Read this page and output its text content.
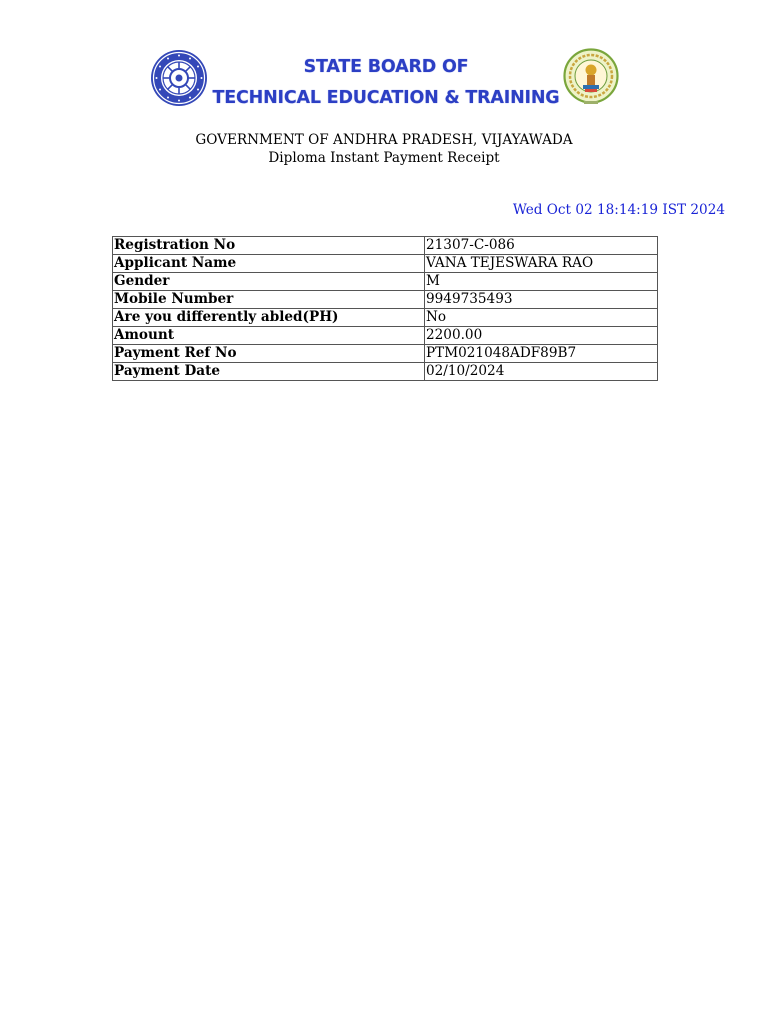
STATE BOARD OF
TECHNICAL EDUCATION & TRAINING
GOVERNMENT OF ANDHRA PRADESH, VIJAYAWADA
Diploma Instant Payment Receipt
Wed Oct 02 18:14:19 IST 2024
Registration No	21307-C-086
Applicant Name	VANA TEJESWARA RAO
Gender	M
Mobile Number	9949735493
Are you differently abled(PH)	No
Amount	2200.00
Payment Ref No	PTM021048ADF89B7
Payment Date	02/10/2024
